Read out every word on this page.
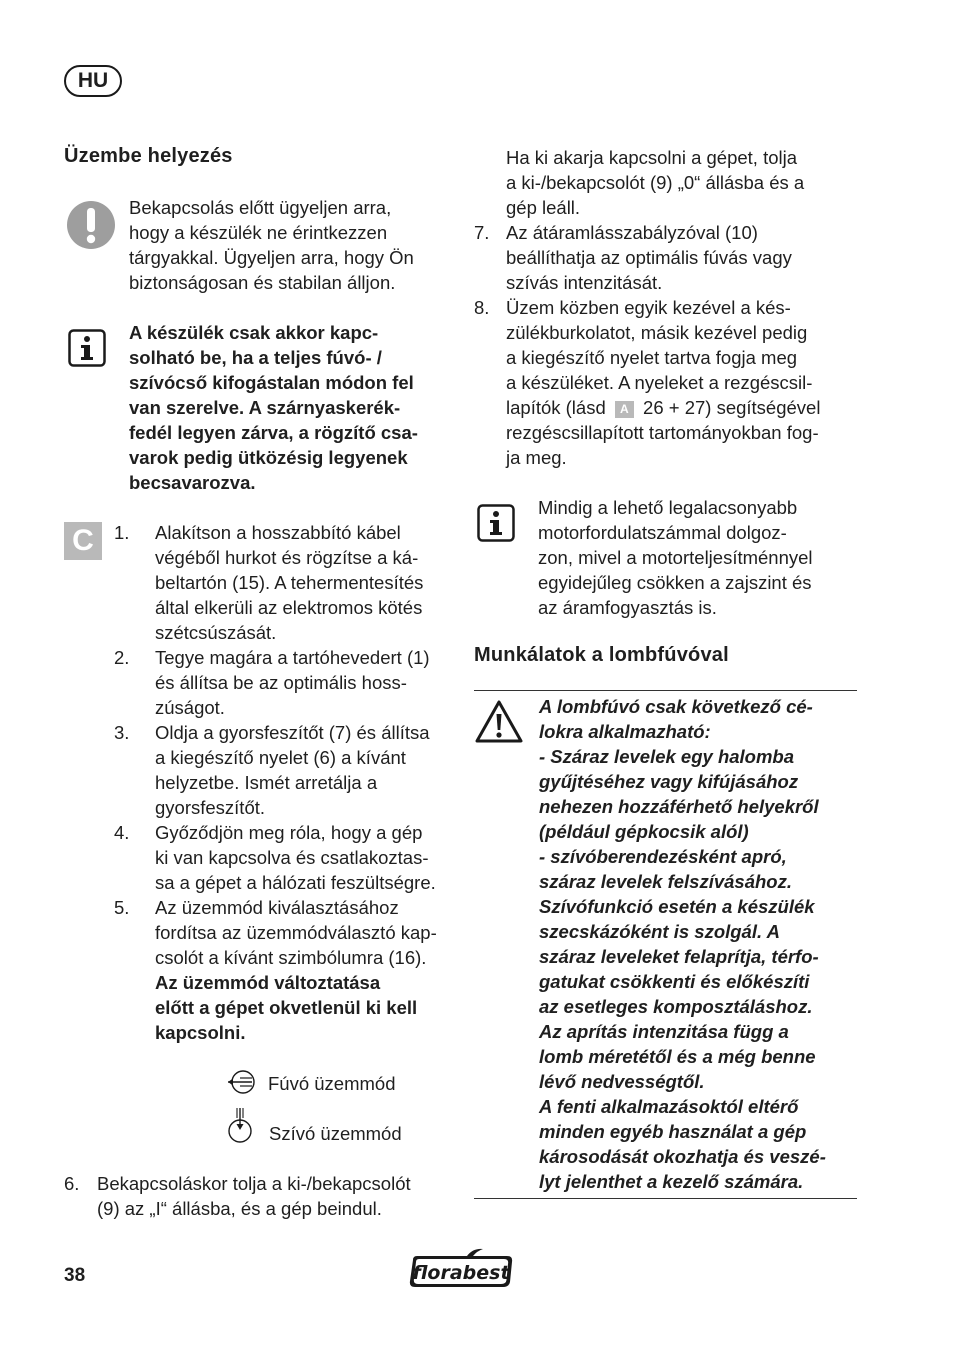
HU
Üzembe helyezés
Bekapcsolás előtt ügyeljen arra,
hogy a készülék ne érintkezzen
tárgyakkal. Ügyeljen arra, hogy Ön
biztonságosan és stabilan álljon.
A készülék csak akkor kapc-
solható be, ha a teljes fúvó- /
szívócső kifogástalan módon fel
van szerelve. A szárnyaskerék-
fedél legyen zárva, a rögzítő csa-
varok pedig ütközésig legyenek
becsavarozva.
C	1. Alakítson a hosszabbító kábel
végéből hurkot és rögzítse a ká-
beltartón (15). A tehermentesítés
által elkerüli az elektromos kötés
szétcsúszását.
2. Tegye magára a tartóhevedert (1)
és állítsa be az optimális hoss-
zúságot.
3. Oldja a gyorsfeszítőt (7) és állítsa
a kiegészítő nyelet (6) a kívánt
helyzetbe. Ismét arretálja a
gyorsfeszítőt.
4. Győződjön meg róla, hogy a gép
ki van kapcsolva és csatlakoztas-
sa a gépet a hálózati feszültségre.
5. Az üzemmód kiválasztásához
fordítsa az üzemmódválasztó kap-
csolót a kívánt szimbólumra (16).
Az üzemmód változtatása
előtt a gépet okvetlenül ki kell
kapcsolni.
Fúvó üzemmód
Szívó üzemmód
6. Bekapcsoláskor tolja a ki-/bekapcsolót
(9) az „I“ állásba, és a gép beindul.
Ha ki akarja kapcsolni a gépet, tolja
a ki-/bekapcsolót (9) „0“ állásba és a
gép leáll.
7. Az átáramlásszabályzóval (10)
beállíthatja az optimális fúvás vagy
szívás intenzitását.
8. Üzem közben egyik kezével a kés-
zülékburkolatot, másik kezével pedig
a kiegészítő nyelet tartva fogja meg
a készüléket. A nyeleket a rezgéscsil-
lapítók (lásd A 26 + 27) segítségével
rezgéscsillapított tartományokban fog-
ja meg.
Mindig a lehető legalacsonyabb
motorfordulatszámmal dolgoz-
zon, mivel a motorteljesítménnyel
egyidejűleg csökken a zajszint és
az áramfogyasztás is.
Munkálatok a lombfúvóval
A lombfúvó csak következő cé-
lokra alkalmazható:
- Száraz levelek egy halomba
gyűjtéséhez vagy kifújásához
nehezen hozzáférhető helyekről
(például gépkocsik alól)
- szívóberendezésként apró,
száraz levelek felszívásához.
Szívófunkció esetén a készülék
szecskázóként is szolgál. A
száraz leveleket felaprítja, térfo-
gatukat csökkenti és előkészíti
az esetleges komposztáláshoz.
Az aprítás intenzitása függ a
lomb méretétől és a még benne
lévő nedvességtől.
A fenti alkalmazásoktól eltérő
minden egyéb használat a gép
károsodását okozhatja és veszé-
lyt jelenthet a kezelő számára.
38	florabest
